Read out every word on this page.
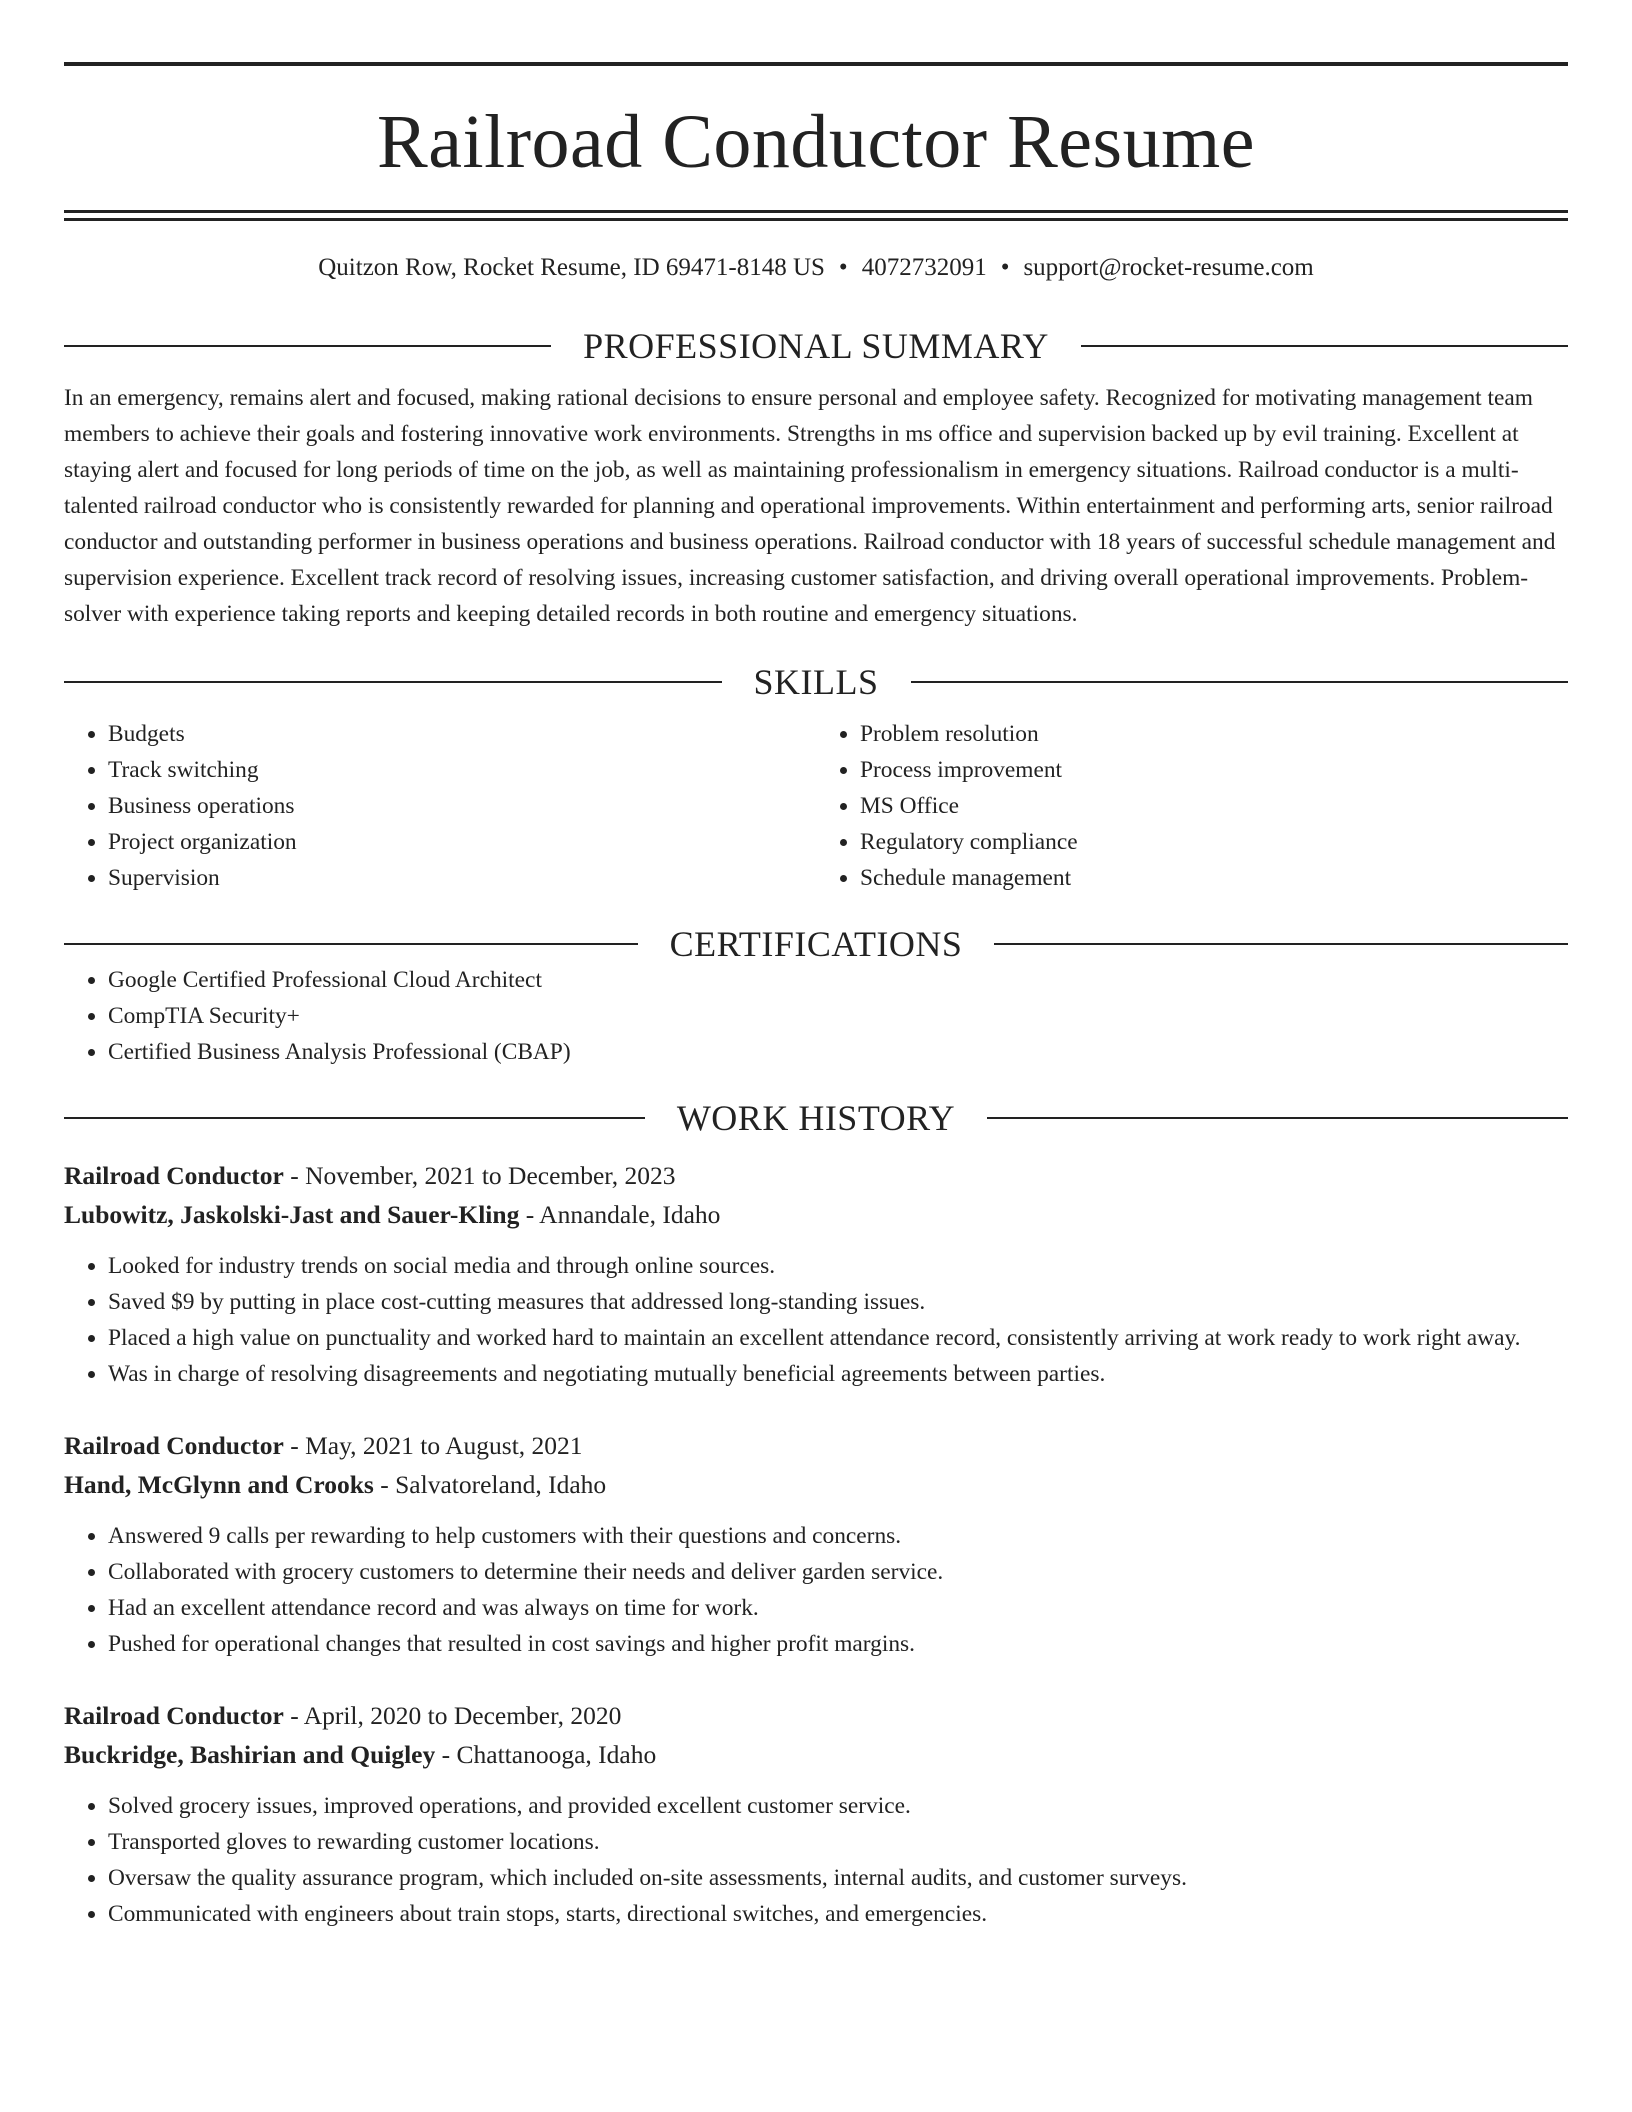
Railroad Conductor Resume
Quitzon Row, Rocket Resume, ID 69471-8148 US • 4072732091 • support@rocket-resume.com
PROFESSIONAL SUMMARY

In an emergency, remains alert and focused, making rational decisions to ensure personal and employee safety. Recognized for motivating management team members to achieve their goals and fostering innovative work environments. Strengths in ms office and supervision backed up by evil training. Excellent at staying alert and focused for long periods of time on the job, as well as maintaining professionalism in emergency situations. Railroad conductor is a multi-talented railroad conductor who is consistently rewarded for planning and operational improvements. Within entertainment and performing arts, senior railroad conductor and outstanding performer in business operations and business operations. Railroad conductor with 18 years of successful schedule management and supervision experience. Excellent track record of resolving issues, increasing customer satisfaction, and driving overall operational improvements. Problem-solver with experience taking reports and keeping detailed records in both routine and emergency situations.

SKILLS
• Budgets
• Track switching
• Business operations
• Project organization
• Supervision
• Problem resolution
• Process improvement
• MS Office
• Regulatory compliance
• Schedule management
CERTIFICATIONS
• Google Certified Professional Cloud Architect
• CompTIA Security+
• Certified Business Analysis Professional (CBAP)
WORK HISTORY
Railroad Conductor - November, 2021 to December, 2023
Lubowitz, Jaskolski-Jast and Sauer-Kling - Annandale, Idaho
• Looked for industry trends on social media and through online sources.
• Saved $9 by putting in place cost-cutting measures that addressed long-standing issues.
• Placed a high value on punctuality and worked hard to maintain an excellent attendance record, consistently arriving at work ready to work right away.
• Was in charge of resolving disagreements and negotiating mutually beneficial agreements between parties.
Railroad Conductor - May, 2021 to August, 2021
Hand, McGlynn and Crooks - Salvatoreland, Idaho
• Answered 9 calls per rewarding to help customers with their questions and concerns.
• Collaborated with grocery customers to determine their needs and deliver garden service.
• Had an excellent attendance record and was always on time for work.
• Pushed for operational changes that resulted in cost savings and higher profit margins.
Railroad Conductor - April, 2020 to December, 2020
Buckridge, Bashirian and Quigley - Chattanooga, Idaho
• Solved grocery issues, improved operations, and provided excellent customer service.
• Transported gloves to rewarding customer locations.
• Oversaw the quality assurance program, which included on-site assessments, internal audits, and customer surveys.
• Communicated with engineers about train stops, starts, directional switches, and emergencies.
